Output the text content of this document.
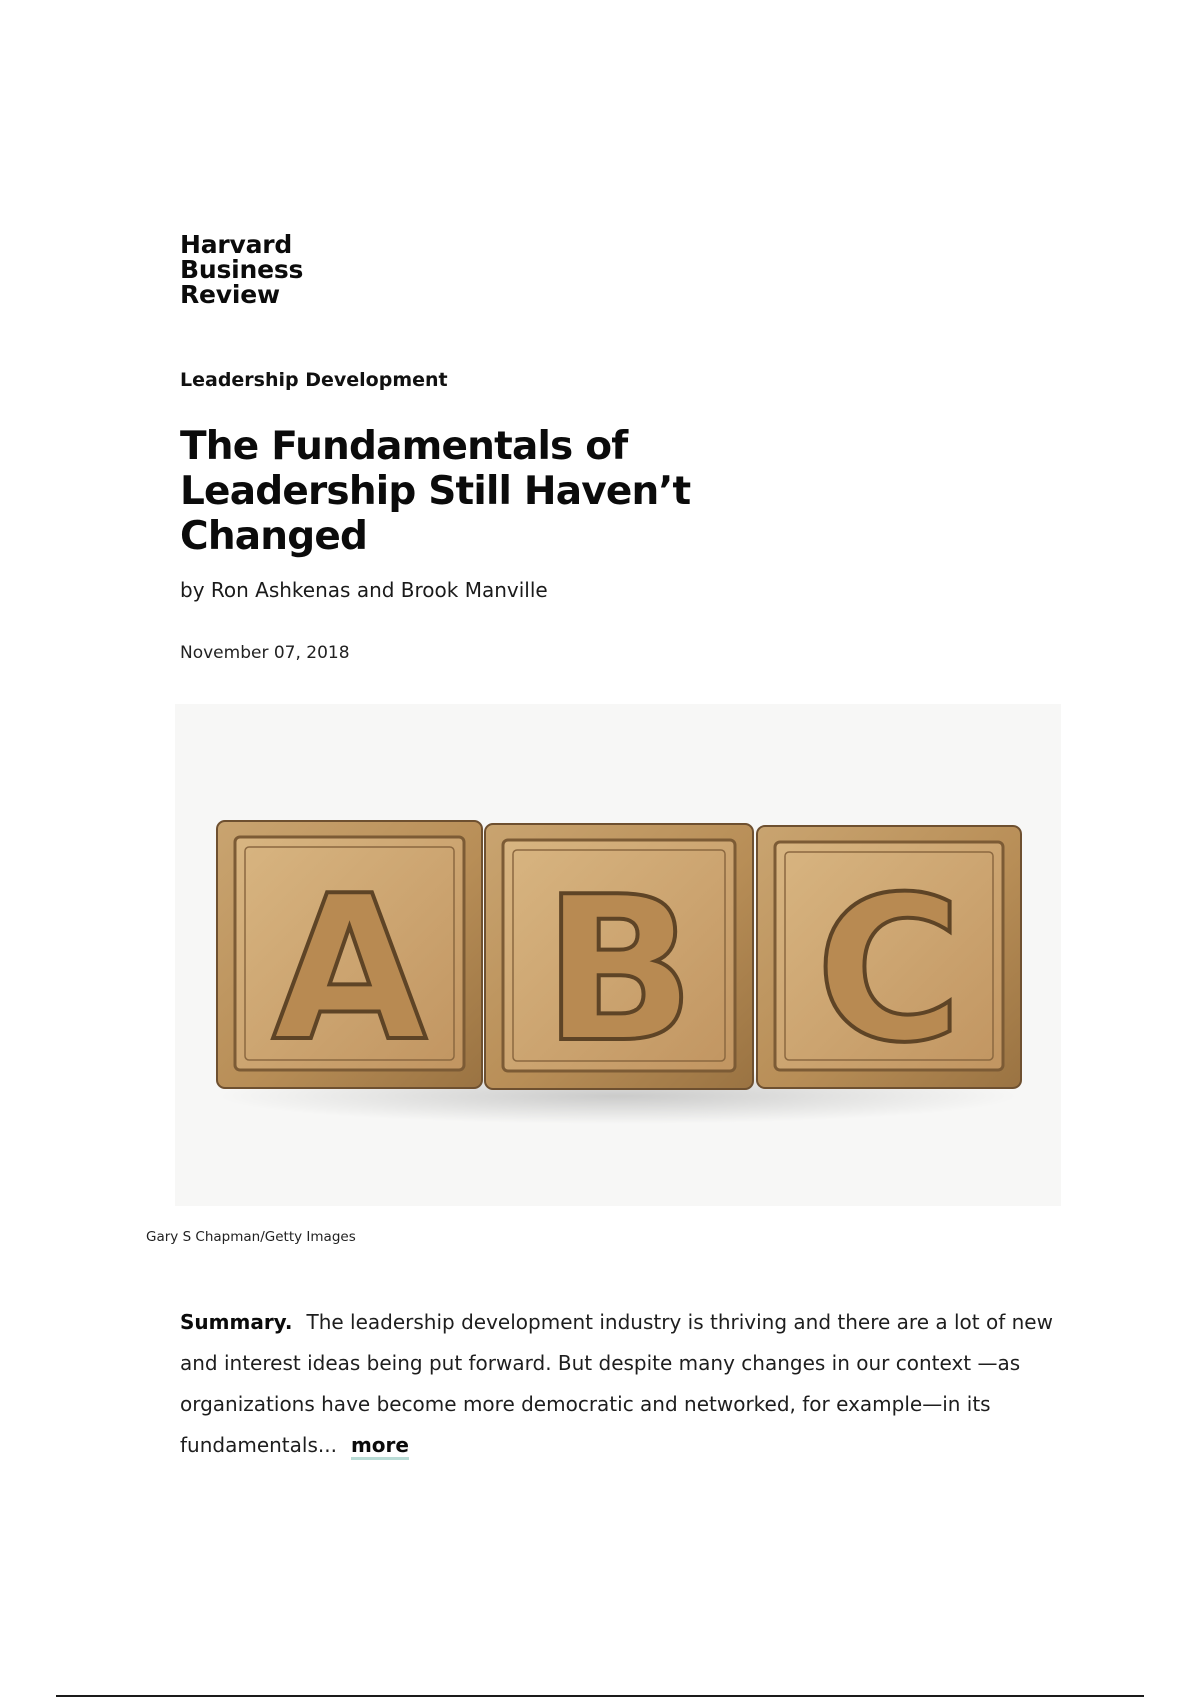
Harvard
Business
Review
Leadership Development
The Fundamentals of
Leadership Still Haven’t
Changed
by Ron Ashkenas and Brook Manville
November 07, 2018
A B C
Gary S Chapman/Getty Images

Summary. The leadership development industry is thriving and there are a lot of new and interest ideas being put forward. But despite many changes in our context —as organizations have become more democratic and networked, for example—in its fundamentals... more
